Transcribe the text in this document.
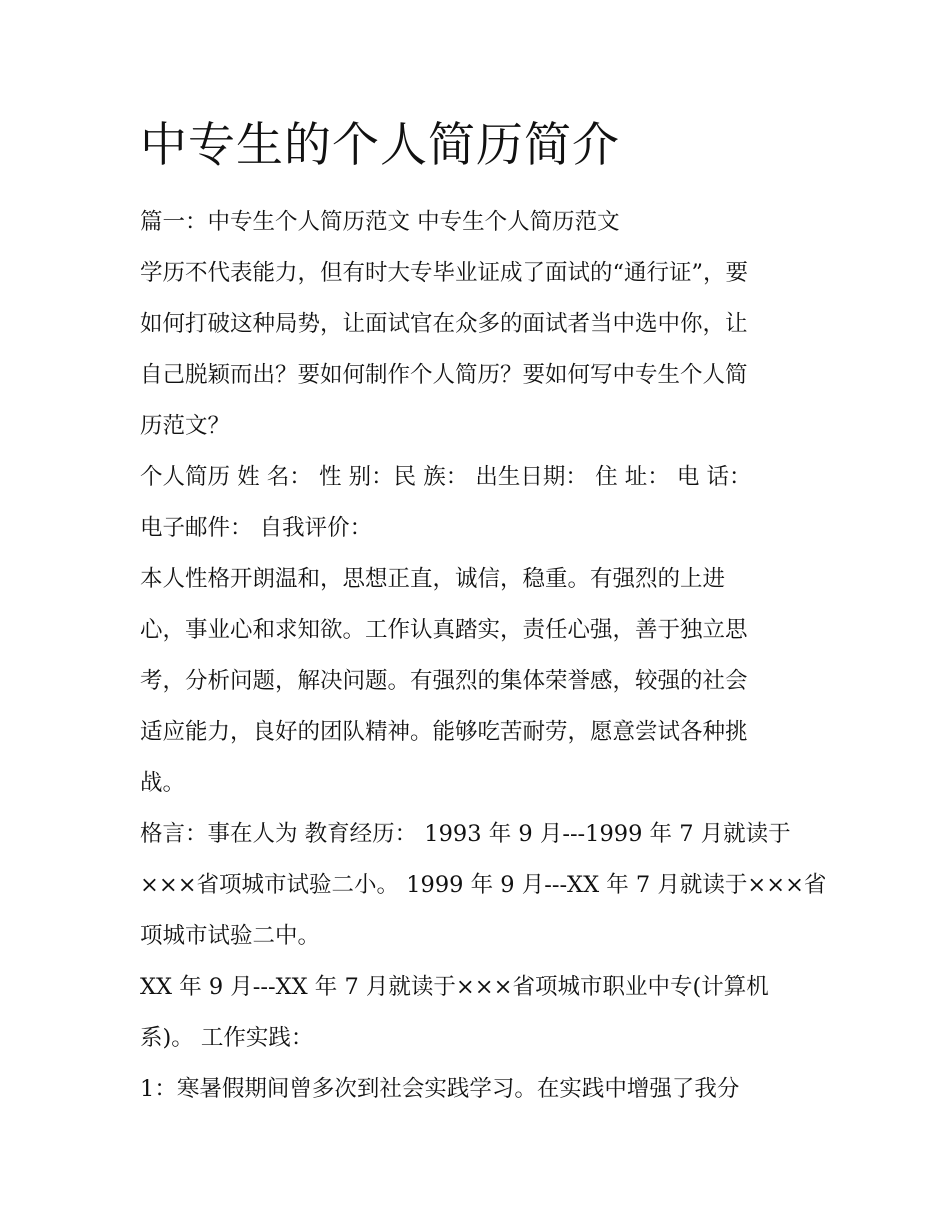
中专生的个人简历简介

篇一：中专生个人简历范文 中专生个人简历范文

学历不代表能力，但有时大专毕业证成了面试的“通行证”，要

如何打破这种局势，让面试官在众多的面试者当中选中你，让

自己脱颖而出？要如何制作个人简历？要如何写中专生个人简

历范文？

个人简历 姓 名： 性 别：民 族： 出生日期： 住 址： 电 话：

电子邮件： 自我评价：

本人性格开朗温和，思想正直，诚信，稳重。有强烈的上进

心，事业心和求知欲。工作认真踏实，责任心强，善于独立思

考，分析问题，解决问题。有强烈的集体荣誉感，较强的社会

适应能力，良好的团队精神。能够吃苦耐劳，愿意尝试各种挑

战。

格言：事在人为 教育经历： 1993 年 9 月---1999 年 7 月就读于

×××省项城市试验二小。 1999 年 9 月---XX 年 7 月就读于×××省

项城市试验二中。

XX 年 9 月---XX 年 7 月就读于×××省项城市职业中专(计算机

系)。 工作实践：

1：寒暑假期间曾多次到社会实践学习。在实践中增强了我分
